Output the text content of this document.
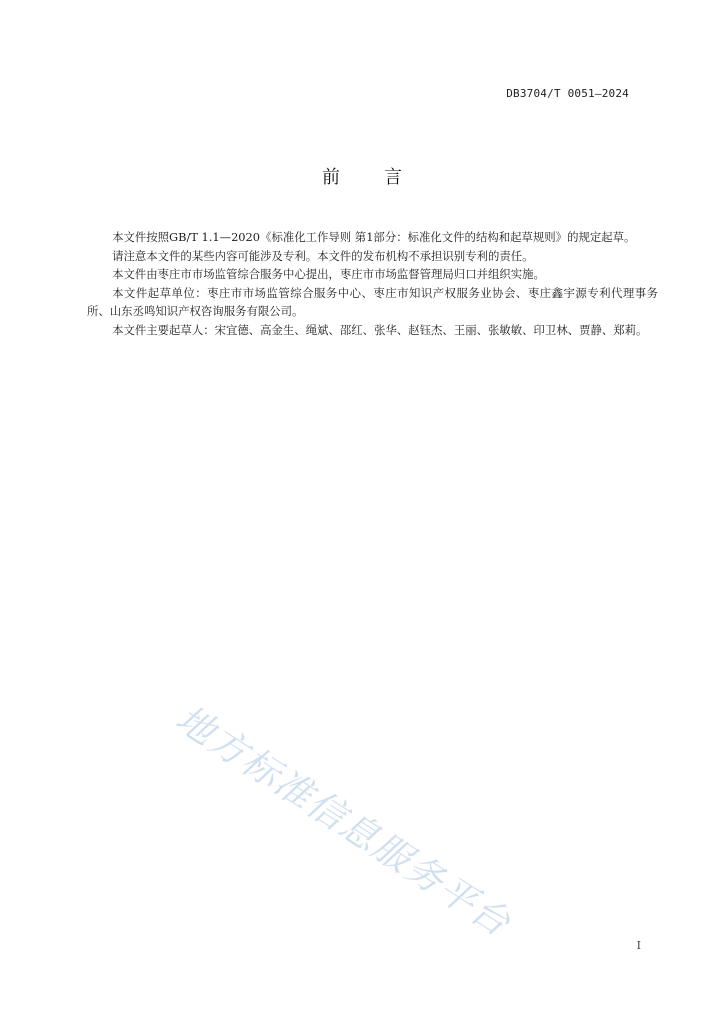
DB3704/T 0051—2024
前 言

本文件按照GB/T 1.1—2020《标准化工作导则 第1部分：标准化文件的结构和起草规则》的规定起草。

请注意本文件的某些内容可能涉及专利。本文件的发布机构不承担识别专利的责任。

本文件由枣庄市市场监管综合服务中心提出，枣庄市市场监督管理局归口并组织实施。

本文件起草单位：枣庄市市场监管综合服务中心、枣庄市知识产权服务业协会、枣庄鑫宇源专利代理事务所、山东丞鸣知识产权咨询服务有限公司。

本文件主要起草人：宋宜德、高金生、绳斌、邵红、张华、赵钰杰、王丽、张敏敏、印卫林、贾静、郑莉。

地方标准信息服务平台
I
